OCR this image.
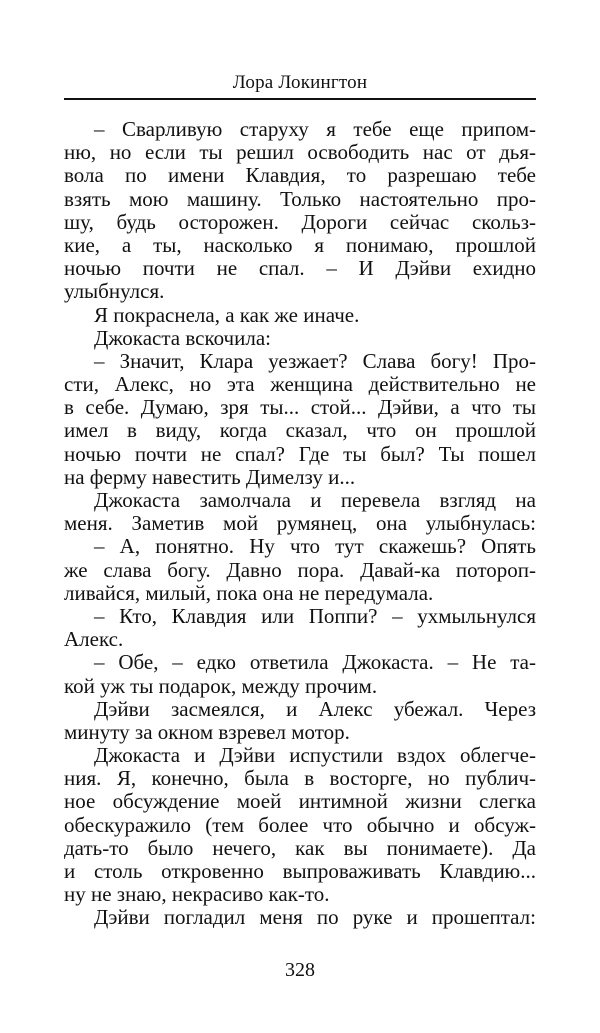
Лора Локингтон
– Сварливую старуху я тебе еще припом-
ню, но если ты решил освободить нас от дья-
вола по имени Клавдия, то разрешаю тебе
взять мою машину. Только настоятельно про-
шу, будь осторожен. Дороги сейчас скольз-
кие, а ты, насколько я понимаю, прошлой
ночью почти не спал. – И Дэйви ехидно
улыбнулся.
Я покраснела, а как же иначе.
Джокаста вскочила:
– Значит, Клара уезжает? Слава богу! Про-
сти, Алекс, но эта женщина действительно не
в себе. Думаю, зря ты... стой... Дэйви, а что ты
имел в виду, когда сказал, что он прошлой
ночью почти не спал? Где ты был? Ты пошел
на ферму навестить Димелзу и...
Джокаста замолчала и перевела взгляд на
меня. Заметив мой румянец, она улыбнулась:
– А, понятно. Ну что тут скажешь? Опять
же слава богу. Давно пора. Давай-ка потороп-
ливайся, милый, пока она не передумала.
– Кто, Клавдия или Поппи? – ухмыльнулся
Алекс.
– Обе, – едко ответила Джокаста. – Не та-
кой уж ты подарок, между прочим.
Дэйви засмеялся, и Алекс убежал. Через
минуту за окном взревел мотор.
Джокаста и Дэйви испустили вздох облегче-
ния. Я, конечно, была в восторге, но публич-
ное обсуждение моей интимной жизни слегка
обескуражило (тем более что обычно и обсуж-
дать-то было нечего, как вы понимаете). Да
и столь откровенно выпроваживать Клавдию...
ну не знаю, некрасиво как-то.
Дэйви погладил меня по руке и прошептал:
328
